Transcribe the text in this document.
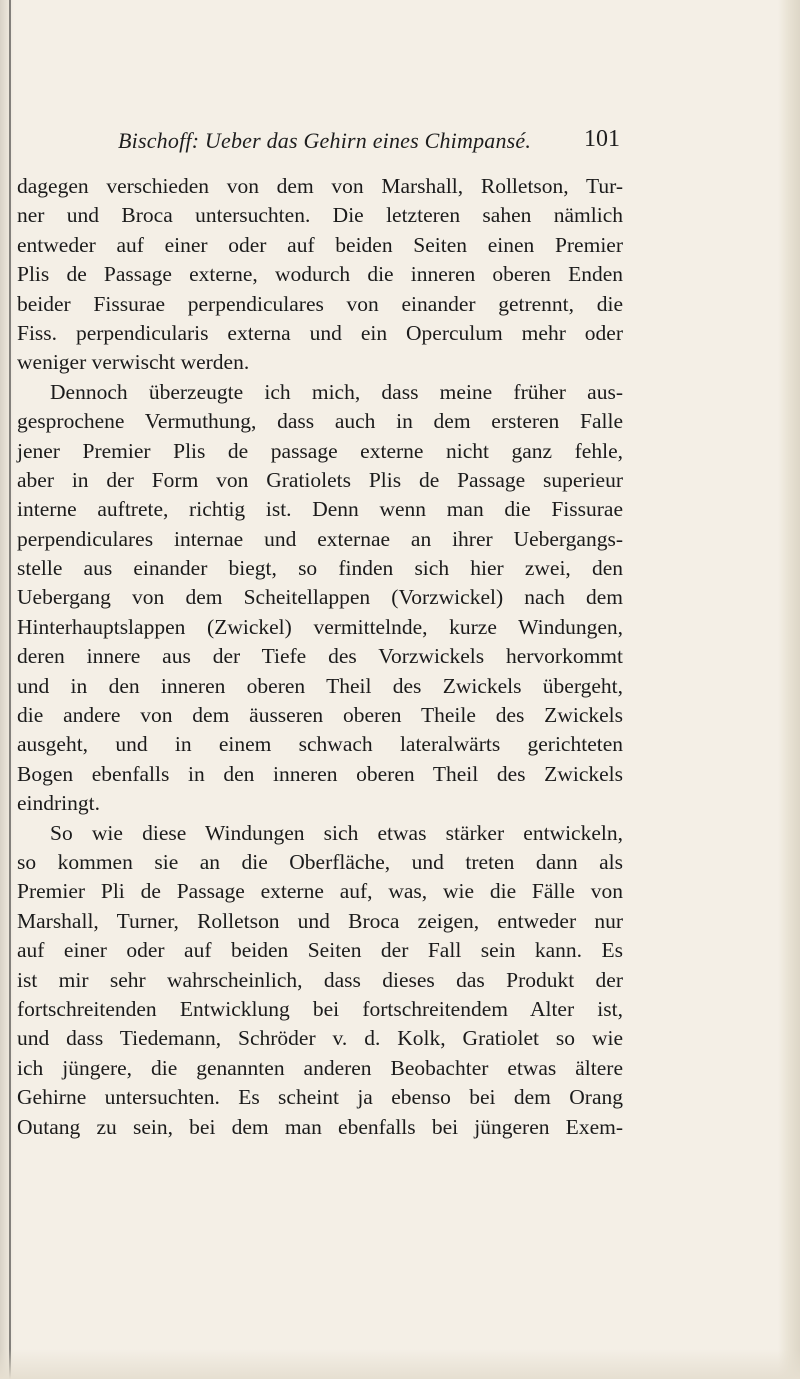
Bischoff: Ueber das Gehirn eines Chimpansé. 101
dagegen verschieden von dem von Marshall, Rolletson, Tur-
ner und Broca untersuchten. Die letzteren sahen nämlich
entweder auf einer oder auf beiden Seiten einen Premier
Plis de Passage externe, wodurch die inneren oberen Enden
beider Fissurae perpendiculares von einander getrennt, die
Fiss. perpendicularis externa und ein Operculum mehr oder
weniger verwischt werden.
Dennoch überzeugte ich mich, dass meine früher aus-
gesprochene Vermuthung, dass auch in dem ersteren Falle
jener Premier Plis de passage externe nicht ganz fehle,
aber in der Form von Gratiolets Plis de Passage superieur
interne auftrete, richtig ist. Denn wenn man die Fissurae
perpendiculares internae und externae an ihrer Uebergangs-
stelle aus einander biegt, so finden sich hier zwei, den
Uebergang von dem Scheitellappen (Vorzwickel) nach dem
Hinterhauptslappen (Zwickel) vermittelnde, kurze Windungen,
deren innere aus der Tiefe des Vorzwickels hervorkommt
und in den inneren oberen Theil des Zwickels übergeht,
die andere von dem äusseren oberen Theile des Zwickels
ausgeht, und in einem schwach lateralwärts gerichteten
Bogen ebenfalls in den inneren oberen Theil des Zwickels
eindringt.
So wie diese Windungen sich etwas stärker entwickeln,
so kommen sie an die Oberfläche, und treten dann als
Premier Pli de Passage externe auf, was, wie die Fälle von
Marshall, Turner, Rolletson und Broca zeigen, entweder nur
auf einer oder auf beiden Seiten der Fall sein kann. Es
ist mir sehr wahrscheinlich, dass dieses das Produkt der
fortschreitenden Entwicklung bei fortschreitendem Alter ist,
und dass Tiedemann, Schröder v. d. Kolk, Gratiolet so wie
ich jüngere, die genannten anderen Beobachter etwas ältere
Gehirne untersuchten. Es scheint ja ebenso bei dem Orang
Outang zu sein, bei dem man ebenfalls bei jüngeren Exem-
